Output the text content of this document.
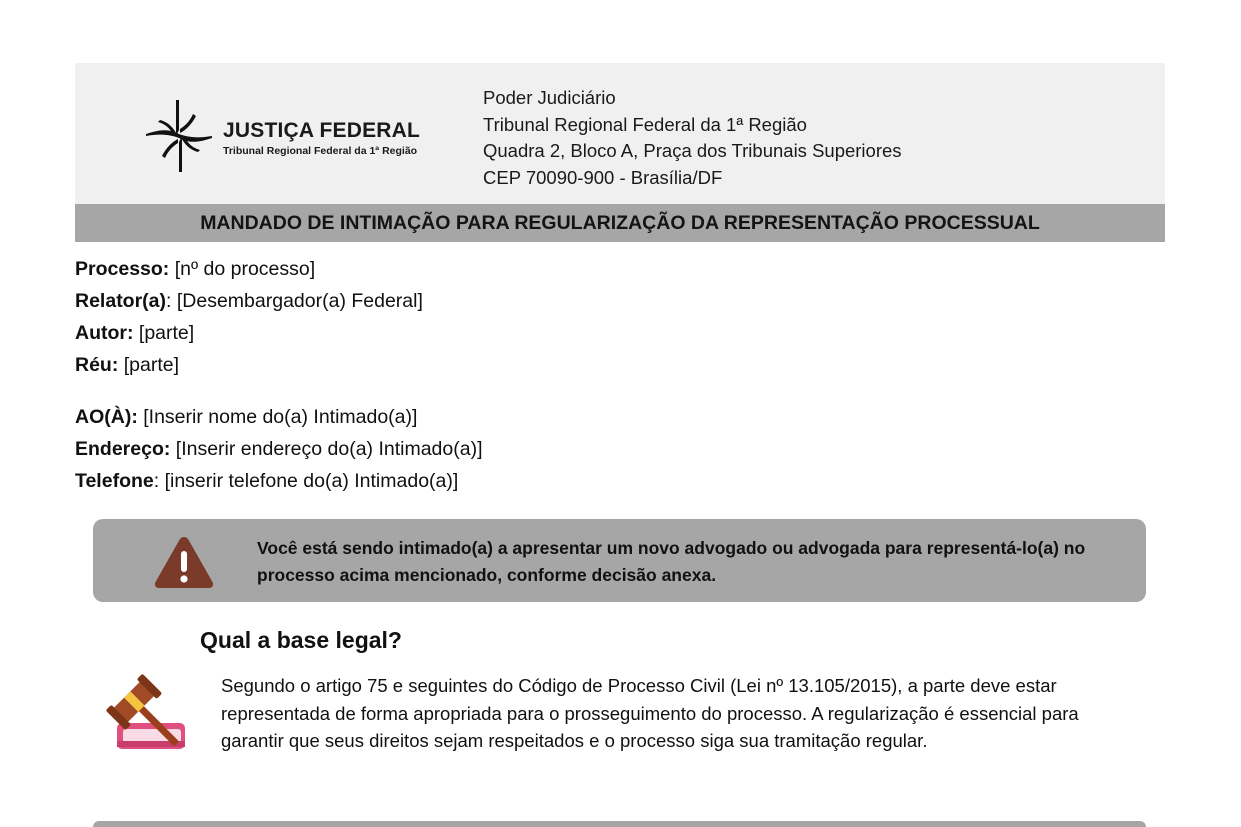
JUSTIÇA FEDERAL
Tribunal Regional Federal da 1ª Região
Poder Judiciário
Tribunal Regional Federal da 1ª Região
Quadra 2, Bloco A, Praça dos Tribunais Superiores
CEP 70090-900 - Brasília/DF
MANDADO DE INTIMAÇÃO PARA REGULARIZAÇÃO DA REPRESENTAÇÃO PROCESSUAL
Processo: [nº do processo]
Relator(a): [Desembargador(a) Federal]
Autor: [parte]
Réu: [parte]
AO(À): [Inserir nome do(a) Intimado(a)]
Endereço: [Inserir endereço do(a) Intimado(a)]
Telefone: [inserir telefone do(a) Intimado(a)]
Você está sendo intimado(a) a apresentar um novo advogado ou advogada para representá-lo(a) no processo acima mencionado, conforme decisão anexa.
Qual a base legal?
Segundo o artigo 75 e seguintes do Código de Processo Civil (Lei nº 13.105/2015), a parte deve estar representada de forma apropriada para o prosseguimento do processo. A regularização é essencial para garantir que seus direitos sejam respeitados e o processo siga sua tramitação regular.
